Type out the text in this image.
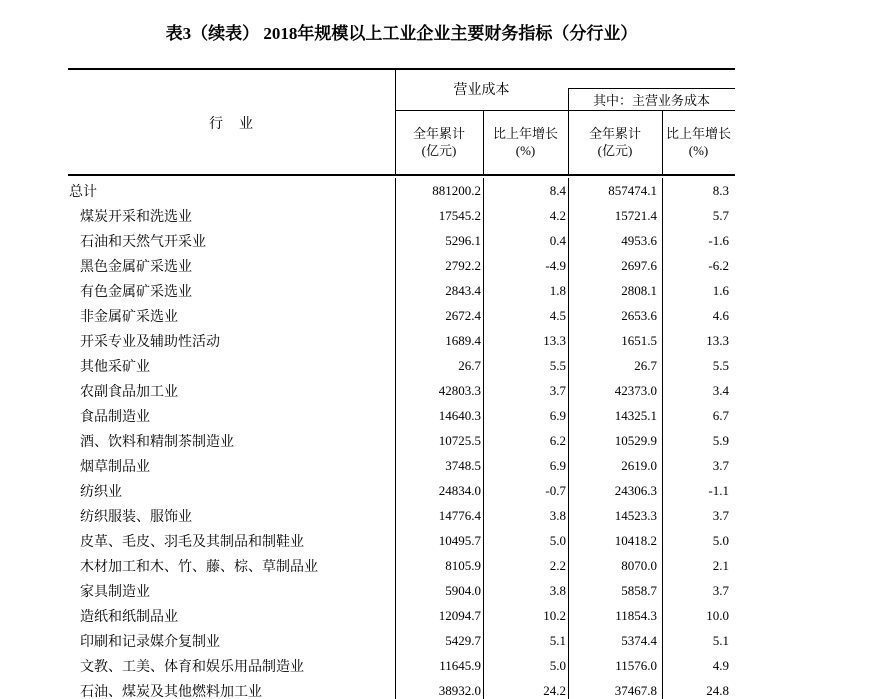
表3（续表） 2018年规模以上工业企业主要财务指标（分行业）
行　业
营业成本
其中：主营业务成本
全年累计
(亿元)
比上年增长
(%)
全年累计
(亿元)
比上年增长
(%)
总计	881200.2	8.4	857474.1	8.3
煤炭开采和洗选业	17545.2	4.2	15721.4	5.7
石油和天然气开采业	5296.1	0.4	4953.6	-1.6
黑色金属矿采选业	2792.2	-4.9	2697.6	-6.2
有色金属矿采选业	2843.4	1.8	2808.1	1.6
非金属矿采选业	2672.4	4.5	2653.6	4.6
开采专业及辅助性活动	1689.4	13.3	1651.5	13.3
其他采矿业	26.7	5.5	26.7	5.5
农副食品加工业	42803.3	3.7	42373.0	3.4
食品制造业	14640.3	6.9	14325.1	6.7
酒、饮料和精制茶制造业	10725.5	6.2	10529.9	5.9
烟草制品业	3748.5	6.9	2619.0	3.7
纺织业	24834.0	-0.7	24306.3	-1.1
纺织服装、服饰业	14776.4	3.8	14523.3	3.7
皮革、毛皮、羽毛及其制品和制鞋业	10495.7	5.0	10418.2	5.0
木材加工和木、竹、藤、棕、草制品业	8105.9	2.2	8070.0	2.1
家具制造业	5904.0	3.8	5858.7	3.7
造纸和纸制品业	12094.7	10.2	11854.3	10.0
印刷和记录媒介复制业	5429.7	5.1	5374.4	5.1
文教、工美、体育和娱乐用品制造业	11645.9	5.0	11576.0	4.9
石油、煤炭及其他燃料加工业	38932.0	24.2	37467.8	24.8
